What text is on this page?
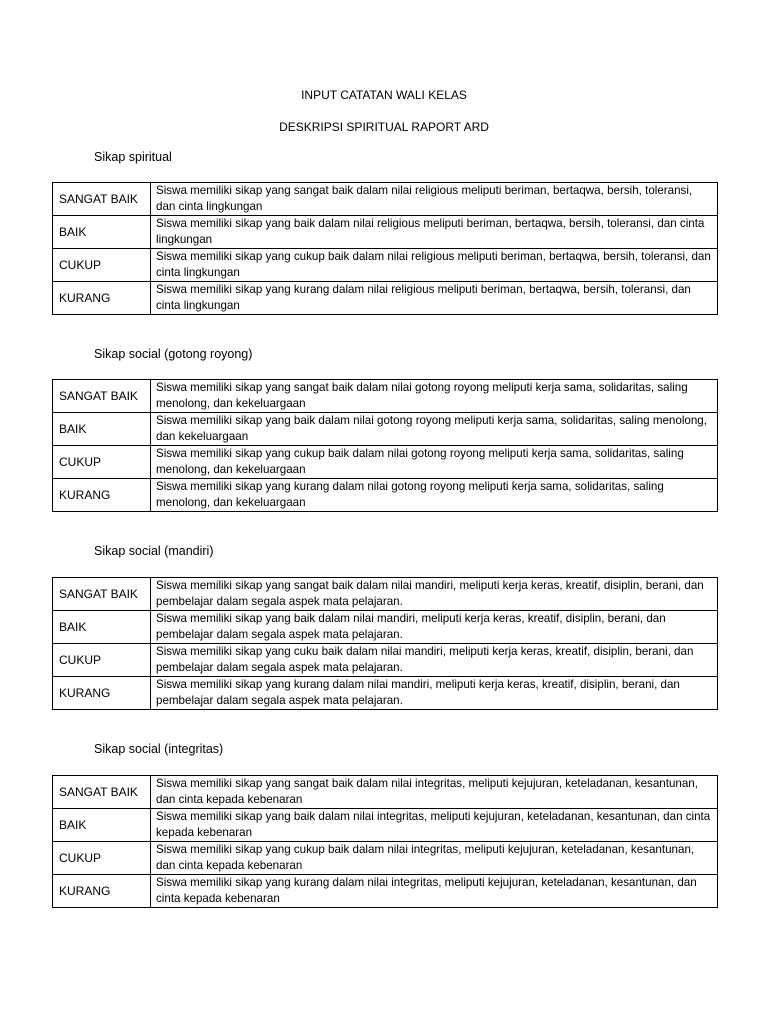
INPUT CATATAN WALI KELAS
DESKRIPSI SPIRITUAL RAPORT ARD
Sikap spiritual
SANGAT BAIK	Siswa memiliki sikap yang sangat baik dalam nilai religious meliputi beriman, bertaqwa, bersih, toleransi, dan cinta lingkungan
BAIK	Siswa memiliki sikap yang baik dalam nilai religious meliputi beriman, bertaqwa, bersih, toleransi, dan cinta lingkungan
CUKUP	Siswa memiliki sikap yang cukup baik dalam nilai religious meliputi beriman, bertaqwa, bersih, toleransi, dan cinta lingkungan
KURANG	Siswa memiliki sikap yang kurang dalam nilai religious meliputi beriman, bertaqwa, bersih, toleransi, dan cinta lingkungan
Sikap social (gotong royong)
SANGAT BAIK	Siswa memiliki sikap yang sangat baik dalam nilai gotong royong meliputi kerja sama, solidaritas, saling menolong, dan kekeluargaan
BAIK	Siswa memiliki sikap yang baik dalam nilai gotong royong meliputi kerja sama, solidaritas, saling menolong, dan kekeluargaan
CUKUP	Siswa memiliki sikap yang cukup baik dalam nilai gotong royong meliputi kerja sama, solidaritas, saling menolong, dan kekeluargaan
KURANG	Siswa memiliki sikap yang kurang dalam nilai gotong royong meliputi kerja sama, solidaritas, saling menolong, dan kekeluargaan
Sikap social (mandiri)
SANGAT BAIK	Siswa memiliki sikap yang sangat baik dalam nilai mandiri, meliputi kerja keras, kreatif, disiplin, berani, dan pembelajar dalam segala aspek mata pelajaran.
BAIK	Siswa memiliki sikap yang baik dalam nilai mandiri, meliputi kerja keras, kreatif, disiplin, berani, dan pembelajar dalam segala aspek mata pelajaran.
CUKUP	Siswa memiliki sikap yang cuku baik dalam nilai mandiri, meliputi kerja keras, kreatif, disiplin, berani, dan pembelajar dalam segala aspek mata pelajaran.
KURANG	Siswa memiliki sikap yang kurang dalam nilai mandiri, meliputi kerja keras, kreatif, disiplin, berani, dan pembelajar dalam segala aspek mata pelajaran.
Sikap social (integritas)
SANGAT BAIK	Siswa memiliki sikap yang sangat baik dalam nilai integritas, meliputi kejujuran, keteladanan, kesantunan, dan cinta kepada kebenaran
BAIK	Siswa memiliki sikap yang baik dalam nilai integritas, meliputi kejujuran, keteladanan, kesantunan, dan cinta kepada kebenaran
CUKUP	Siswa memiliki sikap yang cukup baik dalam nilai integritas, meliputi kejujuran, keteladanan, kesantunan, dan cinta kepada kebenaran
KURANG	Siswa memiliki sikap yang kurang dalam nilai integritas, meliputi kejujuran, keteladanan, kesantunan, dan cinta kepada kebenaran
